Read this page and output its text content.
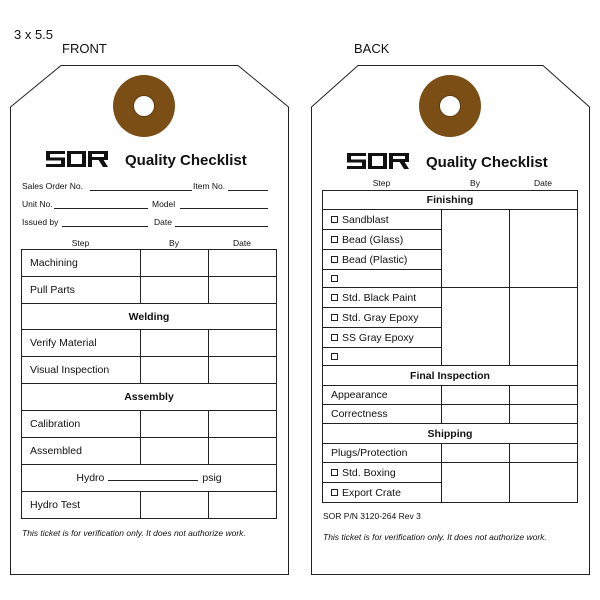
3 x 5.5
FRONT	BACK
Quality Checklist
Sales Order No.	Item No.
Unit No.	Model
Issued by	Date
Step	By	Date
Machining		
Pull Parts		
Welding		
Verify Material		
Visual Inspection		
Assembly		
Calibration		
Assembled		
Hydro psig		
Hydro Test		
This ticket is for verification only. It does not authorize work.
Quality Checklist
Step	By	Date
Finishing		
Sandblast		
Bead (Glass)		
Bead (Plastic)		

Std. Black Paint		
Std. Gray Epoxy		
SS Gray Epoxy		

Final Inspection		
Appearance		
Correctness		
Shipping		
Plugs/Protection		
Std. Boxing		
Export Crate		
SOR P/N 3120-264 Rev 3
This ticket is for verification only. It does not authorize work.
